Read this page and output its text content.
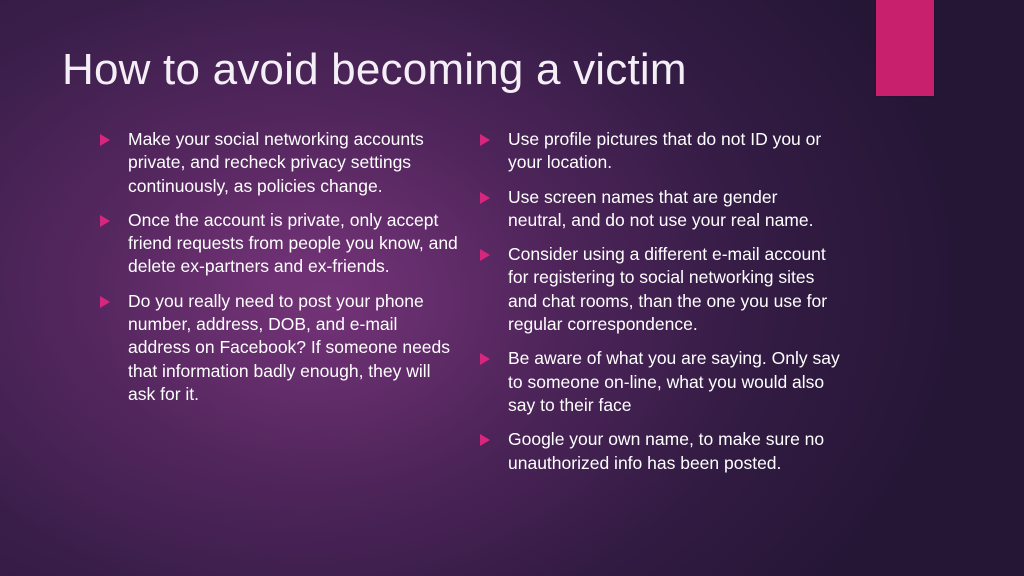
How to avoid becoming a victim
Make your social networking accounts private, and recheck privacy settings continuously, as policies change.
Once the account is private, only accept friend requests from people you know, and delete ex-partners and ex-friends.
Do you really need to post your phone number, address, DOB, and e-mail address on Facebook? If someone needs that information badly enough, they will ask for it.
Use profile pictures that do not ID you or your location.
Use screen names that are gender neutral, and do not use your real name.
Consider using a different e-mail account for registering to social networking sites and chat rooms, than the one you use for regular correspondence.
Be aware of what you are saying. Only say to someone on-line, what you would also say to their face
Google your own name, to make sure no unauthorized info has been posted.
